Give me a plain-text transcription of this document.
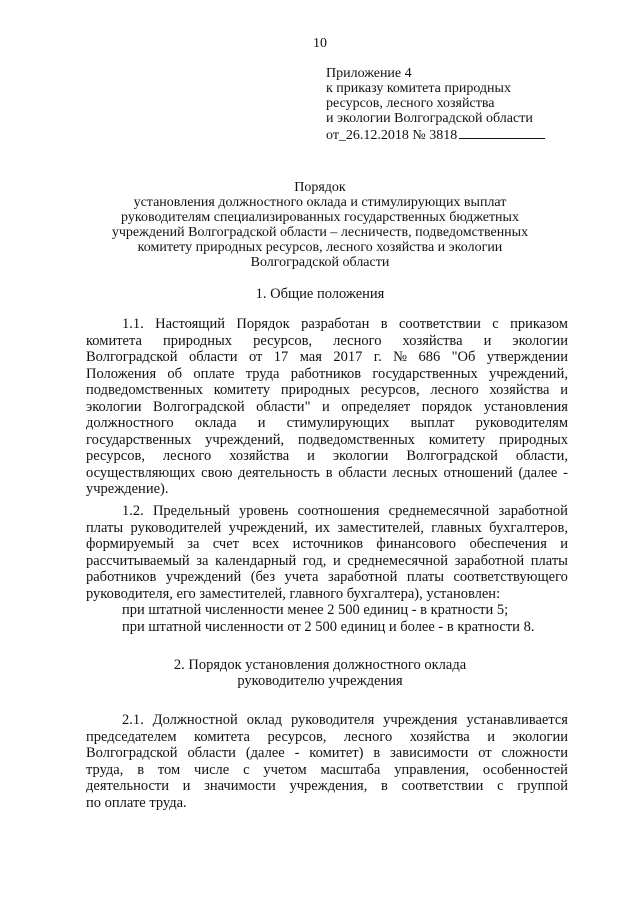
10
Приложение 4
к приказу комитета природных
ресурсов, лесного хозяйства
и экологии Волгоградской области
от_26.12.2018 № 3818
Порядок
установления должностного оклада и стимулирующих выплат
руководителям специализированных государственных бюджетных
учреждений Волгоградской области – лесничеств, подведомственных
комитету природных ресурсов, лесного хозяйства и экологии
Волгоградской области
1. Общие положения
1.1. Настоящий Порядок разработан в соответствии с приказом
комитета природных ресурсов, лесного хозяйства и экологии
Волгоградской области от 17 мая 2017 г. № 686 "Об утверждении
Положения об оплате труда работников государственных учреждений,
подведомственных комитету природных ресурсов, лесного хозяйства и
экологии Волгоградской области" и определяет порядок установления
должностного оклада и стимулирующих выплат руководителям
государственных учреждений, подведомственных комитету природных
ресурсов, лесного хозяйства и экологии Волгоградской области,
осуществляющих свою деятельность в области лесных отношений (далее -
учреждение).
1.2. Предельный уровень соотношения среднемесячной заработной
платы руководителей учреждений, их заместителей, главных бухгалтеров,
формируемый за счет всех источников финансового обеспечения и
рассчитываемый за календарный год, и среднемесячной заработной платы
работников учреждений (без учета заработной платы соответствующего
руководителя, его заместителей, главного бухгалтера), установлен:
при штатной численности менее 2 500 единиц - в кратности 5;
при штатной численности от 2 500 единиц и более - в кратности 8.
2. Порядок установления должностного оклада
руководителю учреждения
2.1. Должностной оклад руководителя учреждения устанавливается
председателем комитета ресурсов, лесного хозяйства и экологии
Волгоградской области (далее - комитет) в зависимости от сложности
труда, в том числе с учетом масштаба управления, особенностей
деятельности и значимости учреждения, в соответствии с группой
по оплате труда.
